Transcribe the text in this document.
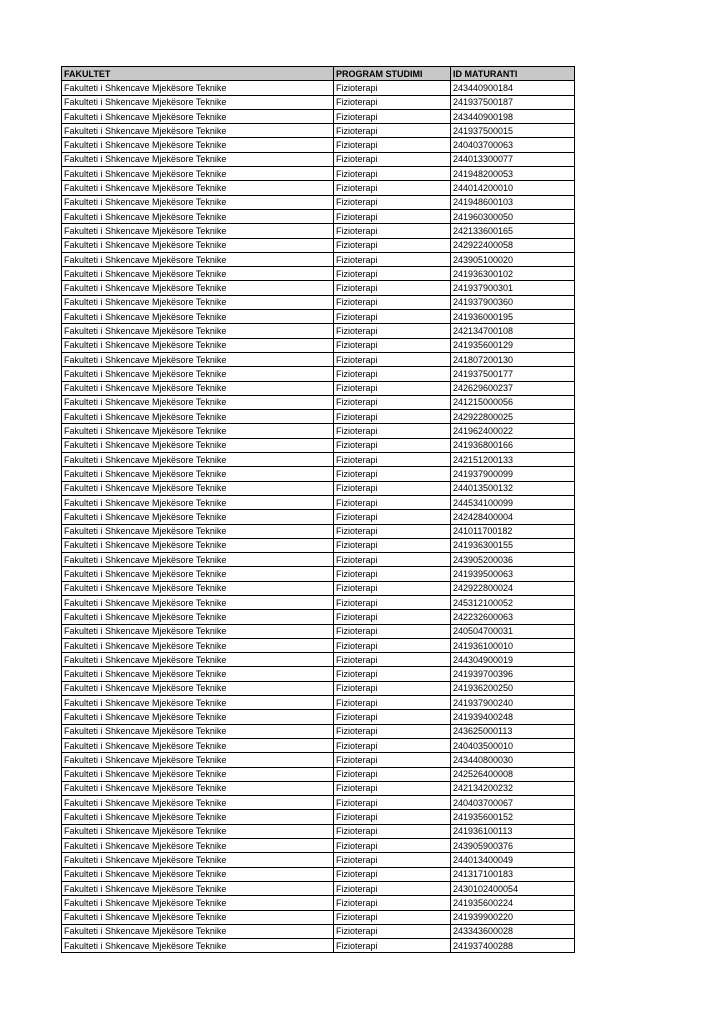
FAKULTET	PROGRAM STUDIMI	ID MATURANTI
Fakulteti i Shkencave Mjekësore Teknike	Fizioterapi	243440900184
Fakulteti i Shkencave Mjekësore Teknike	Fizioterapi	241937500187
Fakulteti i Shkencave Mjekësore Teknike	Fizioterapi	243440900198
Fakulteti i Shkencave Mjekësore Teknike	Fizioterapi	241937500015
Fakulteti i Shkencave Mjekësore Teknike	Fizioterapi	240403700063
Fakulteti i Shkencave Mjekësore Teknike	Fizioterapi	244013300077
Fakulteti i Shkencave Mjekësore Teknike	Fizioterapi	241948200053
Fakulteti i Shkencave Mjekësore Teknike	Fizioterapi	244014200010
Fakulteti i Shkencave Mjekësore Teknike	Fizioterapi	241948600103
Fakulteti i Shkencave Mjekësore Teknike	Fizioterapi	241960300050
Fakulteti i Shkencave Mjekësore Teknike	Fizioterapi	242133600165
Fakulteti i Shkencave Mjekësore Teknike	Fizioterapi	242922400058
Fakulteti i Shkencave Mjekësore Teknike	Fizioterapi	243905100020
Fakulteti i Shkencave Mjekësore Teknike	Fizioterapi	241936300102
Fakulteti i Shkencave Mjekësore Teknike	Fizioterapi	241937900301
Fakulteti i Shkencave Mjekësore Teknike	Fizioterapi	241937900360
Fakulteti i Shkencave Mjekësore Teknike	Fizioterapi	241936000195
Fakulteti i Shkencave Mjekësore Teknike	Fizioterapi	242134700108
Fakulteti i Shkencave Mjekësore Teknike	Fizioterapi	241935600129
Fakulteti i Shkencave Mjekësore Teknike	Fizioterapi	241807200130
Fakulteti i Shkencave Mjekësore Teknike	Fizioterapi	241937500177
Fakulteti i Shkencave Mjekësore Teknike	Fizioterapi	242629600237
Fakulteti i Shkencave Mjekësore Teknike	Fizioterapi	241215000056
Fakulteti i Shkencave Mjekësore Teknike	Fizioterapi	242922800025
Fakulteti i Shkencave Mjekësore Teknike	Fizioterapi	241962400022
Fakulteti i Shkencave Mjekësore Teknike	Fizioterapi	241936800166
Fakulteti i Shkencave Mjekësore Teknike	Fizioterapi	242151200133
Fakulteti i Shkencave Mjekësore Teknike	Fizioterapi	241937900099
Fakulteti i Shkencave Mjekësore Teknike	Fizioterapi	244013500132
Fakulteti i Shkencave Mjekësore Teknike	Fizioterapi	244534100099
Fakulteti i Shkencave Mjekësore Teknike	Fizioterapi	242428400004
Fakulteti i Shkencave Mjekësore Teknike	Fizioterapi	241011700182
Fakulteti i Shkencave Mjekësore Teknike	Fizioterapi	241936300155
Fakulteti i Shkencave Mjekësore Teknike	Fizioterapi	243905200036
Fakulteti i Shkencave Mjekësore Teknike	Fizioterapi	241939500063
Fakulteti i Shkencave Mjekësore Teknike	Fizioterapi	242922800024
Fakulteti i Shkencave Mjekësore Teknike	Fizioterapi	245312100052
Fakulteti i Shkencave Mjekësore Teknike	Fizioterapi	242232600063
Fakulteti i Shkencave Mjekësore Teknike	Fizioterapi	240504700031
Fakulteti i Shkencave Mjekësore Teknike	Fizioterapi	241936100010
Fakulteti i Shkencave Mjekësore Teknike	Fizioterapi	244304900019
Fakulteti i Shkencave Mjekësore Teknike	Fizioterapi	241939700396
Fakulteti i Shkencave Mjekësore Teknike	Fizioterapi	241936200250
Fakulteti i Shkencave Mjekësore Teknike	Fizioterapi	241937900240
Fakulteti i Shkencave Mjekësore Teknike	Fizioterapi	241939400248
Fakulteti i Shkencave Mjekësore Teknike	Fizioterapi	243625000113
Fakulteti i Shkencave Mjekësore Teknike	Fizioterapi	240403500010
Fakulteti i Shkencave Mjekësore Teknike	Fizioterapi	243440800030
Fakulteti i Shkencave Mjekësore Teknike	Fizioterapi	242526400008
Fakulteti i Shkencave Mjekësore Teknike	Fizioterapi	242134200232
Fakulteti i Shkencave Mjekësore Teknike	Fizioterapi	240403700067
Fakulteti i Shkencave Mjekësore Teknike	Fizioterapi	241935600152
Fakulteti i Shkencave Mjekësore Teknike	Fizioterapi	241936100113
Fakulteti i Shkencave Mjekësore Teknike	Fizioterapi	243905900376
Fakulteti i Shkencave Mjekësore Teknike	Fizioterapi	244013400049
Fakulteti i Shkencave Mjekësore Teknike	Fizioterapi	241317100183
Fakulteti i Shkencave Mjekësore Teknike	Fizioterapi	2430102400054
Fakulteti i Shkencave Mjekësore Teknike	Fizioterapi	241935600224
Fakulteti i Shkencave Mjekësore Teknike	Fizioterapi	241939900220
Fakulteti i Shkencave Mjekësore Teknike	Fizioterapi	243343600028
Fakulteti i Shkencave Mjekësore Teknike	Fizioterapi	241937400288
